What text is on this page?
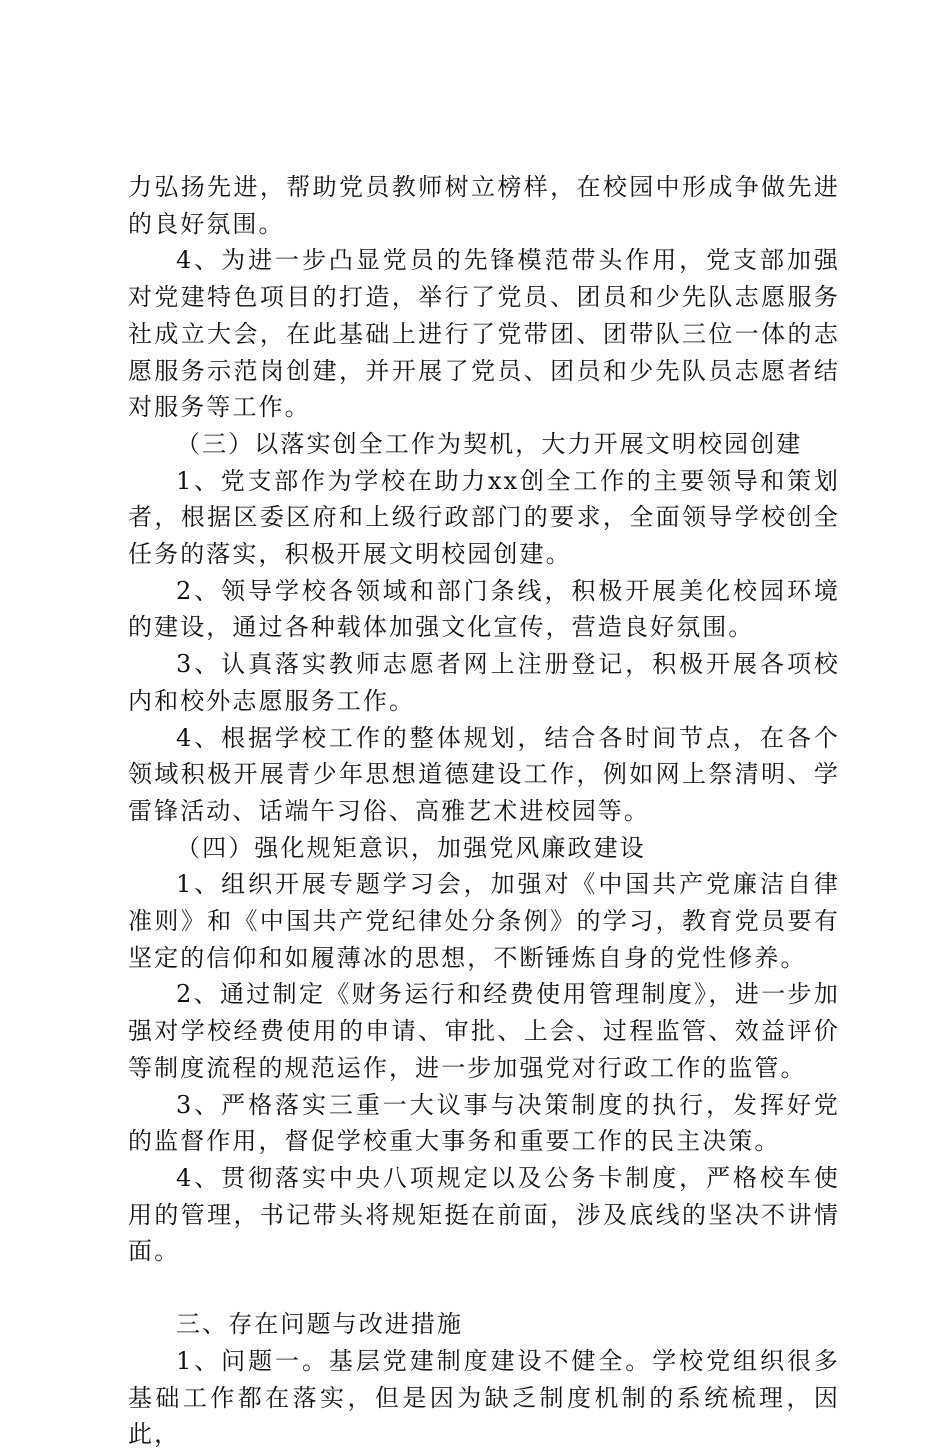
力弘扬先进，帮助党员教师树立榜样，在校园中形成争做先进的良好氛围。

4、为进一步凸显党员的先锋模范带头作用，党支部加强对党建特色项目的打造，举行了党员、团员和少先队志愿服务社成立大会，在此基础上进行了党带团、团带队三位一体的志愿服务示范岗创建，并开展了党员、团员和少先队员志愿者结对服务等工作。

（三）以落实创全工作为契机，大力开展文明校园创建

1、党支部作为学校在助力xx创全工作的主要领导和策划者，根据区委区府和上级行政部门的要求，全面领导学校创全任务的落实，积极开展文明校园创建。

2、领导学校各领域和部门条线，积极开展美化校园环境的建设，通过各种载体加强文化宣传，营造良好氛围。

3、认真落实教师志愿者网上注册登记，积极开展各项校内和校外志愿服务工作。

4、根据学校工作的整体规划，结合各时间节点，在各个领域积极开展青少年思想道德建设工作，例如网上祭清明、学雷锋活动、话端午习俗、高雅艺术进校园等。

（四）强化规矩意识，加强党风廉政建设

1、组织开展专题学习会，加强对《中国共产党廉洁自律准则》和《中国共产党纪律处分条例》的学习，教育党员要有坚定的信仰和如履薄冰的思想，不断锤炼自身的党性修养。

2、通过制定《财务运行和经费使用管理制度》，进一步加强对学校经费使用的申请、审批、上会、过程监管、效益评价等制度流程的规范运作，进一步加强党对行政工作的监管。

3、严格落实三重一大议事与决策制度的执行，发挥好党的监督作用，督促学校重大事务和重要工作的民主决策。

4、贯彻落实中央八项规定以及公务卡制度，严格校车使用的管理，书记带头将规矩挺在前面，涉及底线的坚决不讲情面。

三、存在问题与改进措施

1、问题一。基层党建制度建设不健全。学校党组织很多基础工作都在落实，但是因为缺乏制度机制的系统梳理，因此，
